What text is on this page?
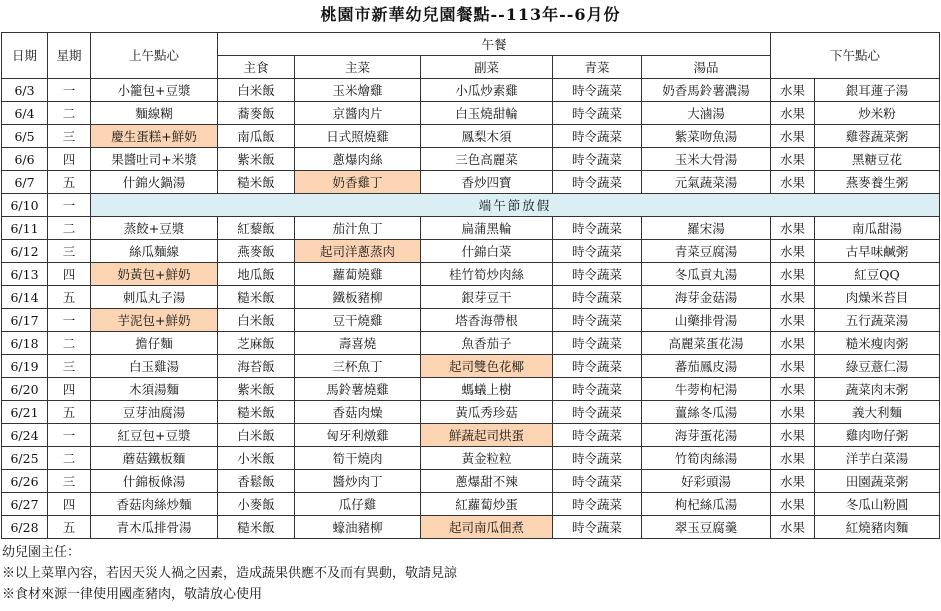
桃園市新華幼兒園餐點--113年--6月份
日期	星期	上午點心	午餐					下午點心	
			主食	主菜	副菜	青菜	湯品		
6/3	一	小籠包+豆漿	白米飯	玉米燴雞	小瓜炒素雞	時令蔬菜	奶香馬鈴薯濃湯	水果	銀耳蓮子湯
6/4	二	麵線糊	蕎麥飯	京醬肉片	白玉燒甜輪	時令蔬菜	大滷湯	水果	炒米粉
6/5	三	慶生蛋糕+鮮奶	南瓜飯	日式照燒雞	鳳梨木須	時令蔬菜	紫菜吻魚湯	水果	雞蓉蔬菜粥
6/6	四	果醬吐司+米漿	紫米飯	蔥爆肉絲	三色高麗菜	時令蔬菜	玉米大骨湯	水果	黑糖豆花
6/7	五	什錦火鍋湯	糙米飯	奶香雞丁	香炒四寶	時令蔬菜	元氣蔬菜湯	水果	燕麥養生粥
6/10	一	端午節放假							
6/11	二	蒸餃+豆漿	紅藜飯	茄汁魚丁	扁蒲黑輪	時令蔬菜	羅宋湯	水果	南瓜甜湯
6/12	三	絲瓜麵線	燕麥飯	起司洋蔥蒸肉	什錦白菜	時令蔬菜	青菜豆腐湯	水果	古早味鹹粥
6/13	四	奶黃包+鮮奶	地瓜飯	蘿蔔燒雞	桂竹筍炒肉絲	時令蔬菜	冬瓜貢丸湯	水果	紅豆QQ
6/14	五	刺瓜丸子湯	糙米飯	鐵板豬柳	銀芽豆干	時令蔬菜	海芽金菇湯	水果	肉燥米苔目
6/17	一	芋泥包+鮮奶	白米飯	豆干燒雞	塔香海帶根	時令蔬菜	山藥排骨湯	水果	五行蔬菜湯
6/18	二	擔仔麵	芝麻飯	壽喜燒	魚香茄子	時令蔬菜	高麗菜蛋花湯	水果	糙米瘦肉粥
6/19	三	白玉雞湯	海苔飯	三杯魚丁	起司雙色花椰	時令蔬菜	蕃茄鳳皮湯	水果	綠豆薏仁湯
6/20	四	木須湯麵	紫米飯	馬鈴薯燒雞	螞蟻上樹	時令蔬菜	牛蒡枸杞湯	水果	蔬菜肉末粥
6/21	五	豆芽油腐湯	糙米飯	香菇肉燥	黃瓜秀珍菇	時令蔬菜	薑絲冬瓜湯	水果	義大利麵
6/24	一	紅豆包+豆漿	白米飯	匈牙利燉雞	鮮蔬起司烘蛋	時令蔬菜	海芽蛋花湯	水果	雞肉吻仔粥
6/25	二	蘑菇鐵板麵	小米飯	筍干燒肉	黃金粒粒	時令蔬菜	竹筍肉絲湯	水果	洋芋白菜湯
6/26	三	什錦板條湯	香鬆飯	醬炒肉丁	蔥爆甜不辣	時令蔬菜	好彩頭湯	水果	田園蔬菜粥
6/27	四	香菇肉絲炒麵	小麥飯	瓜仔雞	紅蘿蔔炒蛋	時令蔬菜	枸杞絲瓜湯	水果	冬瓜山粉圓
6/28	五	青木瓜排骨湯	糙米飯	蠔油豬柳	起司南瓜佃煮	時令蔬菜	翠玉豆腐羹	水果	紅燒豬肉麵
幼兒園主任：
※以上菜單內容，若因天災人禍之因素，造成蔬果供應不及而有異動，敬請見諒
※食材來源一律使用國產豬肉，敬請放心使用
